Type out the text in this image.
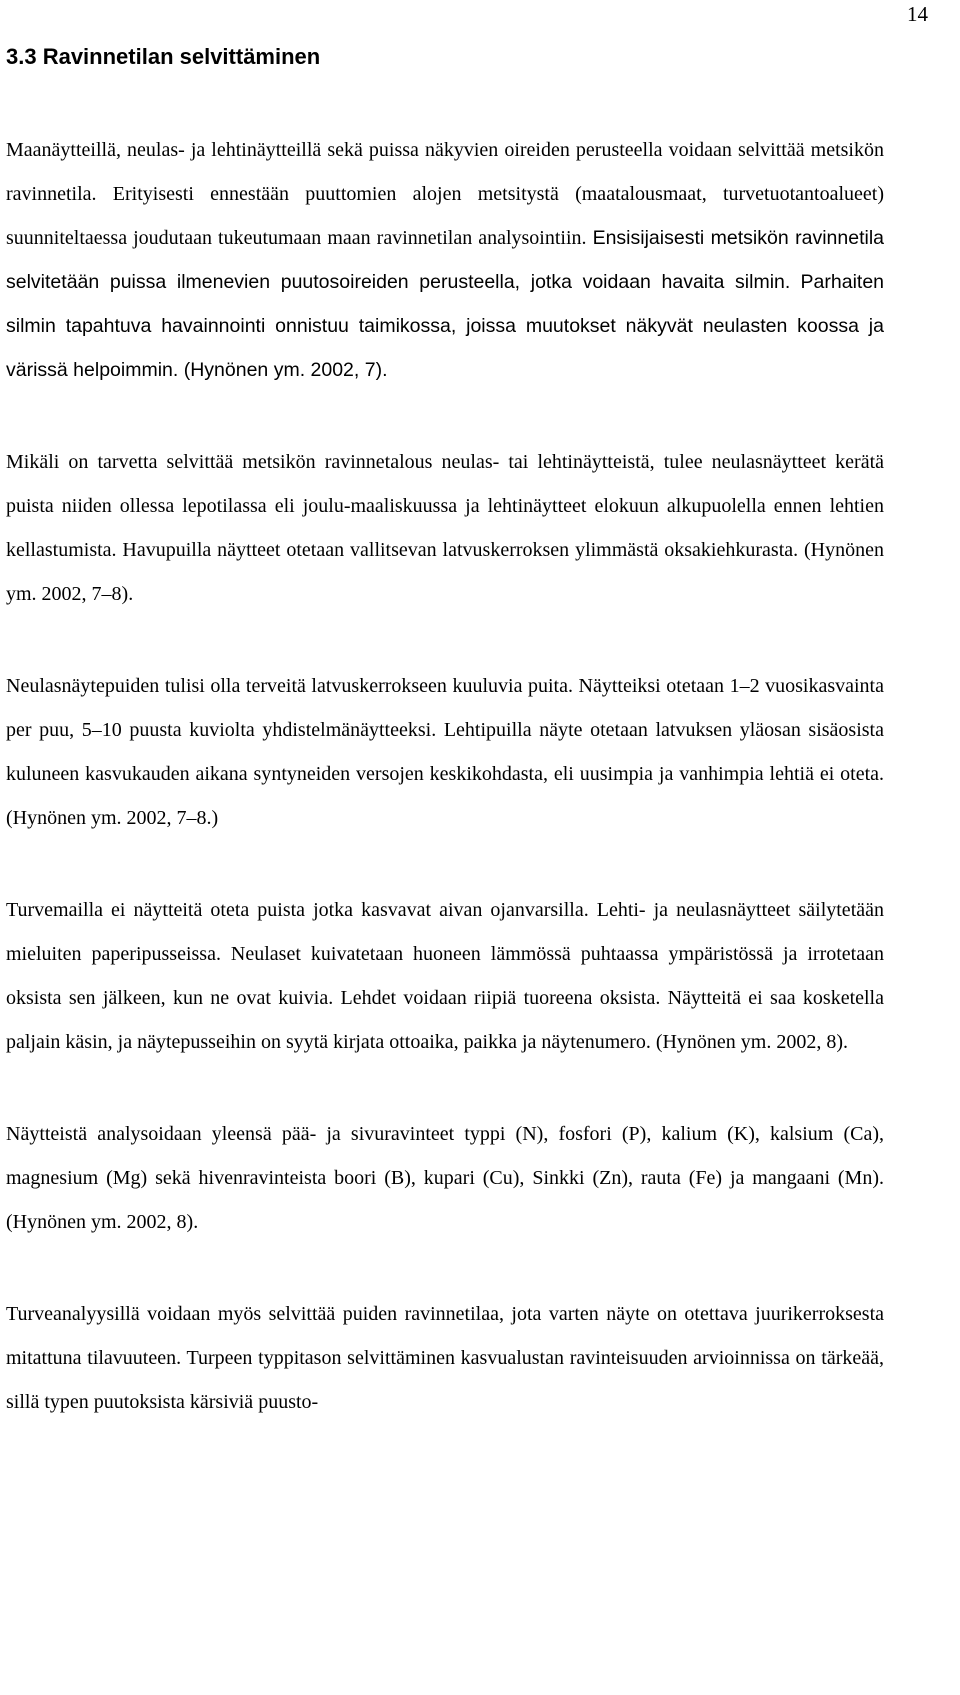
14
3.3 Ravinnetilan selvittäminen

Maanäytteillä, neulas- ja lehtinäytteillä sekä puissa näkyvien oireiden perusteella voidaan selvittää metsikön ravinnetila. Erityisesti ennestään puuttomien alojen metsitystä (maatalousmaat, turvetuotantoalueet) suunniteltaessa joudutaan tukeutumaan maan ravinnetilan analysointiin. Ensisijaisesti metsikön ravinnetila selvitetään puissa ilmenevien puutosoireiden perusteella, jotka voidaan havaita silmin. Parhaiten silmin tapahtuva havainnointi onnistuu taimikossa, joissa muutokset näkyvät neulasten koossa ja värissä helpoimmin. (Hynönen ym. 2002, 7).

Mikäli on tarvetta selvittää metsikön ravinnetalous neulas- tai lehtinäytteistä, tulee neulasnäytteet kerätä puista niiden ollessa lepotilassa eli joulu-maaliskuussa ja lehtinäytteet elokuun alkupuolella ennen lehtien kellastumista. Havupuilla näytteet otetaan vallitsevan latvuskerroksen ylimmästä oksakiehkurasta. (Hynönen ym. 2002, 7–8).

Neulasnäytepuiden tulisi olla terveitä latvuskerrokseen kuuluvia puita. Näytteiksi otetaan 1–2 vuosikasvainta per puu, 5–10 puusta kuviolta yhdistelmänäytteeksi. Lehtipuilla näyte otetaan latvuksen yläosan sisäosista kuluneen kasvukauden aikana syntyneiden versojen keskikohdasta, eli uusimpia ja vanhimpia lehtiä ei oteta. (Hynönen ym. 2002, 7–8.)

Turvemailla ei näytteitä oteta puista jotka kasvavat aivan ojanvarsilla. Lehti- ja neulasnäytteet säilytetään mieluiten paperipusseissa. Neulaset kuivatetaan huoneen lämmössä puhtaassa ympäristössä ja irrotetaan oksista sen jälkeen, kun ne ovat kuivia. Lehdet voidaan riipiä tuoreena oksista. Näytteitä ei saa kosketella paljain käsin, ja näytepusseihin on syytä kirjata ottoaika, paikka ja näytenumero. (Hynönen ym. 2002, 8).

Näytteistä analysoidaan yleensä pää- ja sivuravinteet typpi (N), fosfori (P), kalium (K), kalsium (Ca), magnesium (Mg) sekä hivenravinteista boori (B), kupari (Cu), Sinkki (Zn), rauta (Fe) ja mangaani (Mn). (Hynönen ym. 2002, 8).

Turveanalyysillä voidaan myös selvittää puiden ravinnetilaa, jota varten näyte on otettava juurikerroksesta mitattuna tilavuuteen. Turpeen typpitason selvittäminen kasvualustan ravinteisuuden arvioinnissa on tärkeää, sillä typen puutoksista kärsiviä puusto-
